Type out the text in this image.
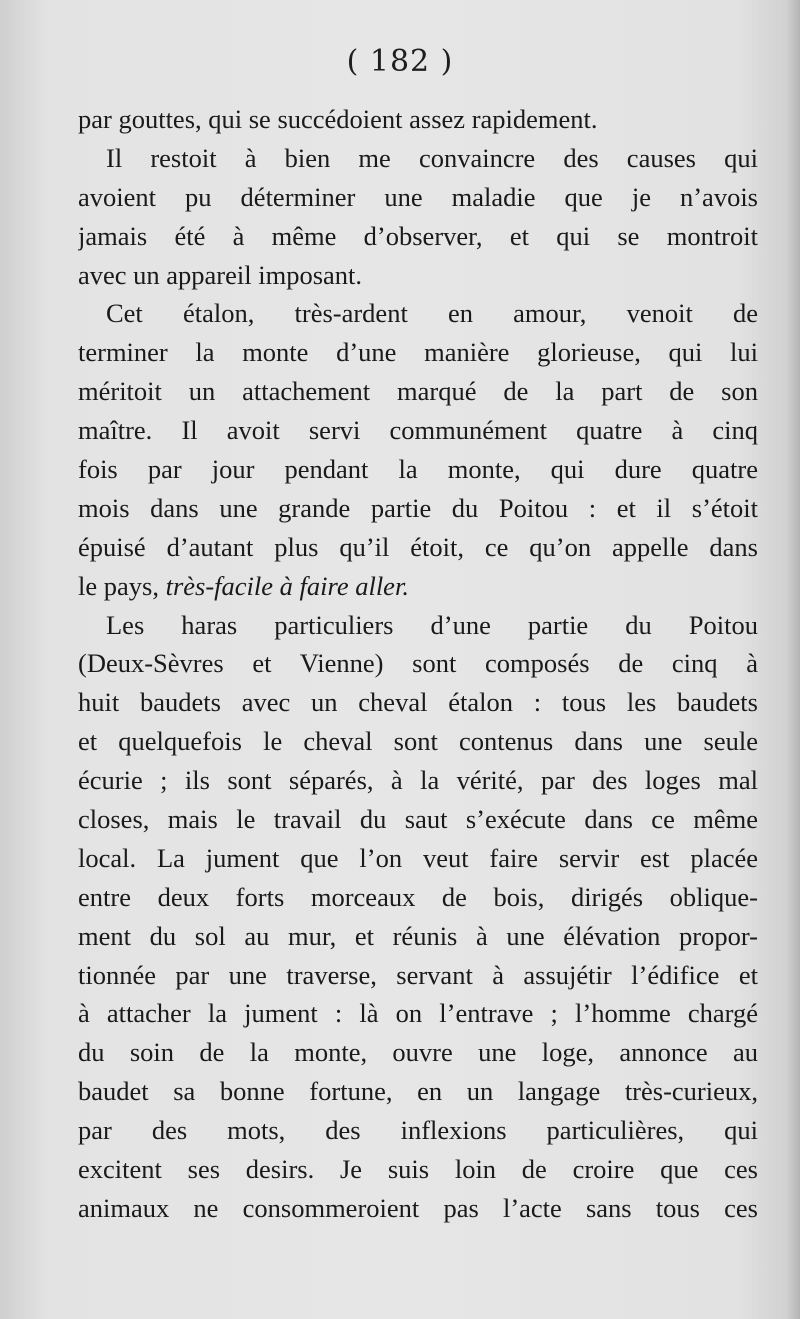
( 182 )
par gouttes, qui se succédoient assez rapidement.
Il restoit à bien me convaincre des causes qui
avoient pu déterminer une maladie que je n’avois
jamais été à même d’observer, et qui se montroit
avec un appareil imposant.
Cet étalon, très-ardent en amour, venoit de
terminer la monte d’une manière glorieuse, qui lui
méritoit un attachement marqué de la part de son
maître. Il avoit servi communément quatre à cinq
fois par jour pendant la monte, qui dure quatre
mois dans une grande partie du Poitou : et il s’étoit
épuisé d’autant plus qu’il étoit, ce qu’on appelle dans
le pays, très-facile à faire aller.
Les haras particuliers d’une partie du Poitou
(Deux-Sèvres et Vienne) sont composés de cinq à
huit baudets avec un cheval étalon : tous les baudets
et quelquefois le cheval sont contenus dans une seule
écurie ; ils sont séparés, à la vérité, par des loges mal
closes, mais le travail du saut s’exécute dans ce même
local. La jument que l’on veut faire servir est placée
entre deux forts morceaux de bois, dirigés oblique-
ment du sol au mur, et réunis à une élévation propor-
tionnée par une traverse, servant à assujétir l’édifice et
à attacher la jument : là on l’entrave ; l’homme chargé
du soin de la monte, ouvre une loge, annonce au
baudet sa bonne fortune, en un langage très-curieux,
par des mots, des inflexions particulières, qui
excitent ses desirs. Je suis loin de croire que ces
animaux ne consommeroient pas l’acte sans tous ces
